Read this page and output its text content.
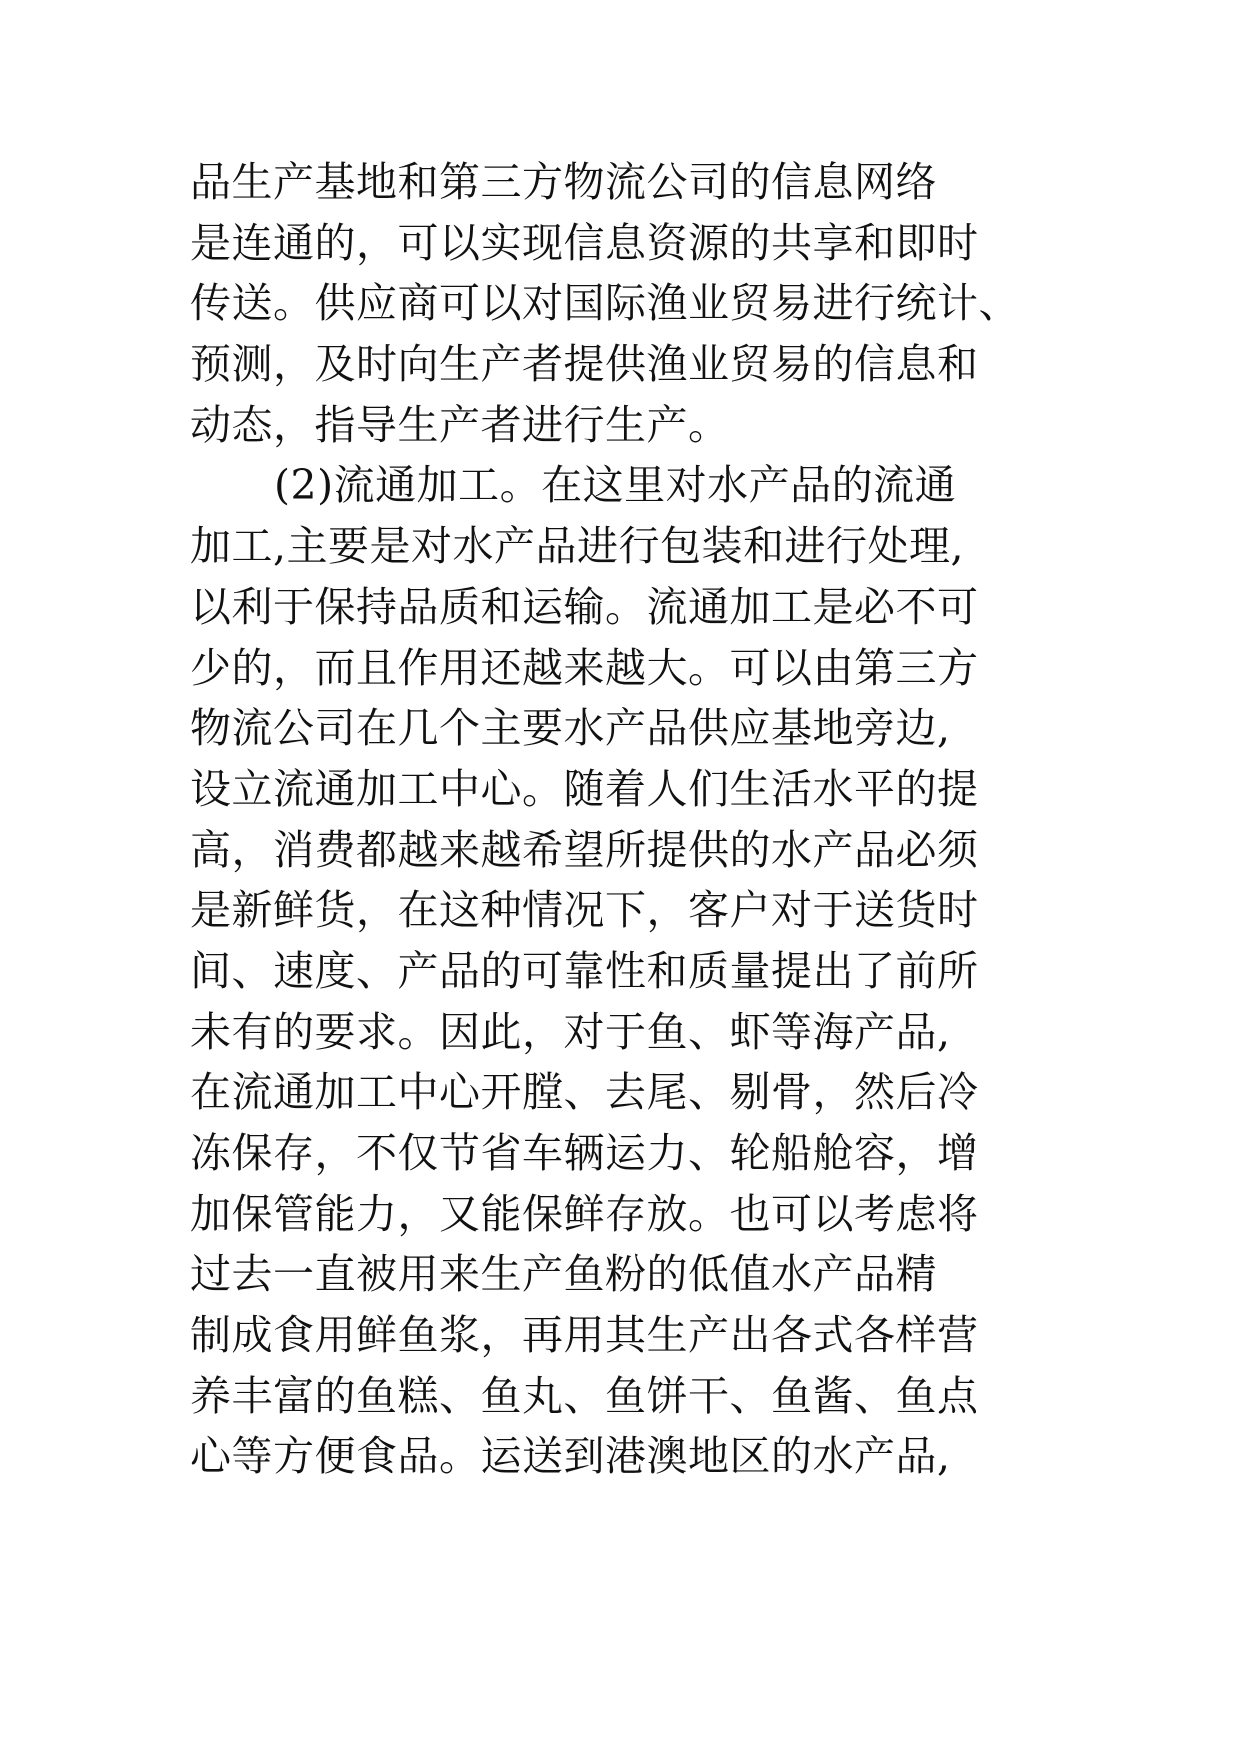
品生产基地和第三方物流公司的信息网络
是连通的，可以实现信息资源的共享和即时
传送。供应商可以对国际渔业贸易进行统计、
预测，及时向生产者提供渔业贸易的信息和
动态，指导生产者进行生产。
(2)流通加工。在这里对水产品的流通
加工,主要是对水产品进行包装和进行处理,
以利于保持品质和运输。流通加工是必不可
少的，而且作用还越来越大。可以由第三方
物流公司在几个主要水产品供应基地旁边,
设立流通加工中心。随着人们生活水平的提
高，消费都越来越希望所提供的水产品必须
是新鲜货，在这种情况下，客户对于送货时
间、速度、产品的可靠性和质量提出了前所
未有的要求。因此，对于鱼、虾等海产品,
在流通加工中心开膛、去尾、剔骨，然后冷
冻保存，不仅节省车辆运力、轮船舱容，增
加保管能力，又能保鲜存放。也可以考虑将
过去一直被用来生产鱼粉的低值水产品精
制成食用鲜鱼浆，再用其生产出各式各样营
养丰富的鱼糕、鱼丸、鱼饼干、鱼酱、鱼点
心等方便食品。运送到港澳地区的水产品,
